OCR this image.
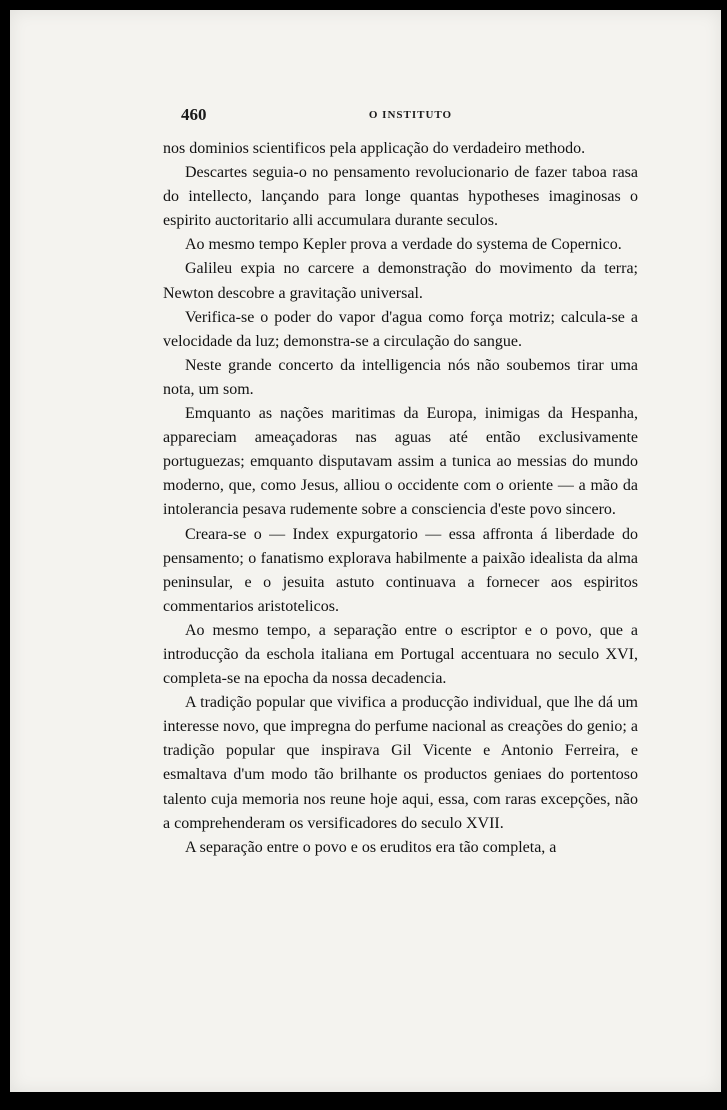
460	O INSTITUTO

nos dominios scientificos pela applicação do verdadeiro methodo.

Descartes seguia-o no pensamento revolucionario de fazer taboa rasa do intellecto, lançando para longe quantas hypotheses imaginosas o espirito auctoritario alli accumulara durante seculos.

Ao mesmo tempo Kepler prova a verdade do systema de Copernico.

Galileu expia no carcere a demonstração do movimento da terra; Newton descobre a gravitação universal.

Verifica-se o poder do vapor d'agua como força motriz; calcula-se a velocidade da luz; demonstra-se a circulação do sangue.

Neste grande concerto da intelligencia nós não soubemos tirar uma nota, um som.

Emquanto as nações maritimas da Europa, inimigas da Hespanha, appareciam ameaçadoras nas aguas até então exclusivamente portuguezas; emquanto disputavam assim a tunica ao messias do mundo moderno, que, como Jesus, alliou o occidente com o oriente — a mão da intolerancia pesava rudemente sobre a consciencia d'este povo sincero.

Creara-se o — Index expurgatorio — essa affronta á liberdade do pensamento; o fanatismo explorava habilmente a paixão idealista da alma peninsular, e o jesuita astuto continuava a fornecer aos espiritos commentarios aristotelicos.

Ao mesmo tempo, a separação entre o escriptor e o povo, que a introducção da eschola italiana em Portugal accentuara no seculo XVI, completa-se na epocha da nossa decadencia.

A tradição popular que vivifica a producção individual, que lhe dá um interesse novo, que impregna do perfume nacional as creações do genio; a tradição popular que inspirava Gil Vicente e Antonio Ferreira, e esmaltava d'um modo tão brilhante os productos geniaes do portentoso talento cuja memoria nos reune hoje aqui, essa, com raras excepções, não a comprehenderam os versificadores do seculo XVII.

A separação entre o povo e os eruditos era tão completa, a
